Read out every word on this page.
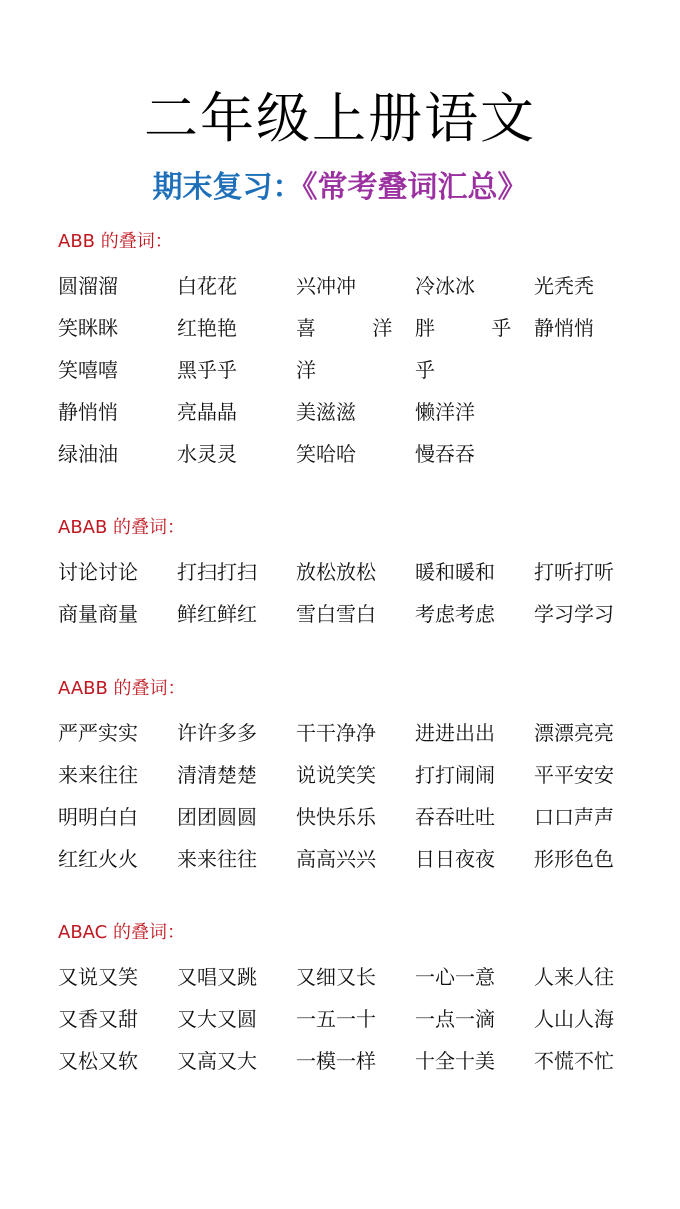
二年级上册语文
期末复习：《常考叠词汇总》
ABB 的叠词：
圆溜溜	白花花	兴冲冲	冷冰冰	光秃秃
笑眯眯	红艳艳	喜 洋	胖 乎	静悄悄
笑嘻嘻	黑乎乎	洋	乎
静悄悄	亮晶晶	美滋滋	懒洋洋
绿油油	水灵灵	笑哈哈	慢吞吞
ABAB 的叠词：
讨论讨论	打扫打扫	放松放松	暖和暖和	打听打听
商量商量	鲜红鲜红	雪白雪白	考虑考虑	学习学习
AABB 的叠词：
严严实实	许许多多	干干净净	进进出出	漂漂亮亮
来来往往	清清楚楚	说说笑笑	打打闹闹	平平安安
明明白白	团团圆圆	快快乐乐	吞吞吐吐	口口声声
红红火火	来来往往	高高兴兴	日日夜夜	形形色色
ABAC 的叠词：
又说又笑	又唱又跳	又细又长	一心一意	人来人往
又香又甜	又大又圆	一五一十	一点一滴	人山人海
又松又软	又高又大	一模一样	十全十美	不慌不忙
